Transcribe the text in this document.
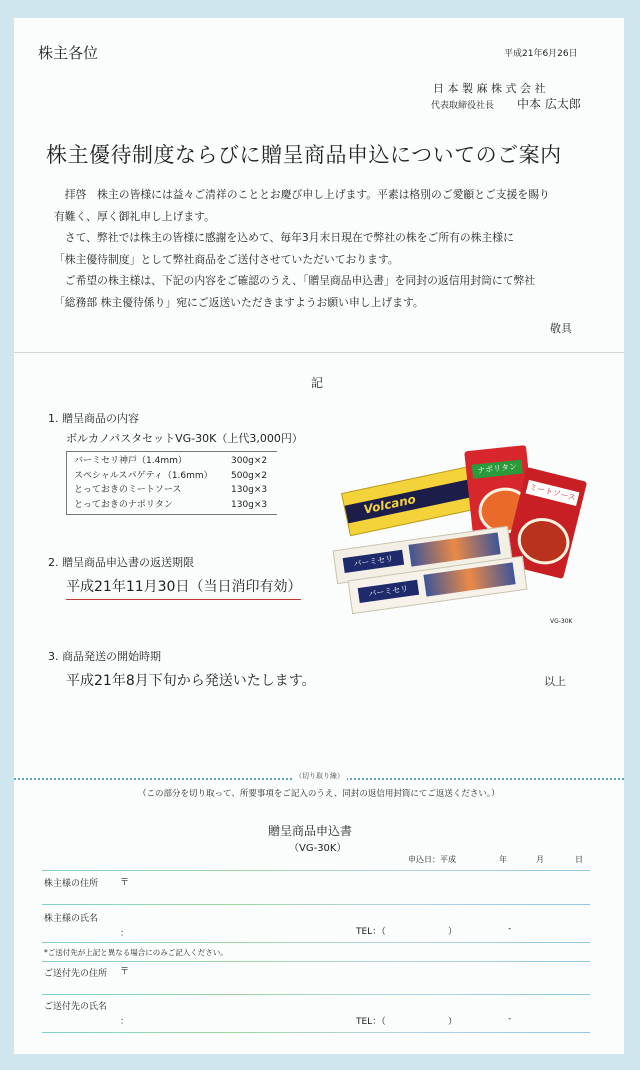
株主各位	平成21年6月26日
日 本 製 麻 株 式 会 社
代表取締役社長 中本 広太郎
株主優待制度ならびに贈呈商品申込についてのご案内

　拝啓　株主の皆様には益々ご清祥のこととお慶び申し上げます。平素は格別のご愛顧とご支援を賜り

有難く、厚く御礼申し上げます。

　さて、弊社では株主の皆様に感謝を込めて、毎年3月末日現在で弊社の株をご所有の株主様に

「株主優待制度」として弊社商品をご送付させていただいております。

　ご希望の株主様は、下記の内容をご確認のうえ、「贈呈商品申込書」を同封の返信用封筒にて弊社

「総務部 株主優待係り」宛にご返送いただきますようお願い申し上げます。

敬具
記
1. 贈呈商品の内容
ボルカノパスタセットVG-30K（上代3,000円）
バーミセリ神戸（1.4mm）	300g×2
スペシャルスパゲティ（1.6mm）	500g×2
とっておきのミートソース	130g×3
とっておきのナポリタン	130g×3
2. 贈呈商品申込書の返送期限
平成21年11月30日（当日消印有効）
Volcano
ナポリタン
ミートソース
バーミセリ
バーミセリ
VG-30K
3. 商品発送の開始時期
平成21年8月下旬から発送いたします。	以上
（切り取り線）
（この部分を切り取って、所要事項をご記入のうえ、同封の返信用封筒にてご返送ください。）
贈呈商品申込書
（VG-30K）
申込日：平成	年	月	日
株主様の住所 〒
株主様の氏名
：	TEL：（	）	-
*ご送付先が上記と異なる場合にのみご記入ください。
ご送付先の住所 〒
ご送付先の氏名
：	TEL：（	）	-
